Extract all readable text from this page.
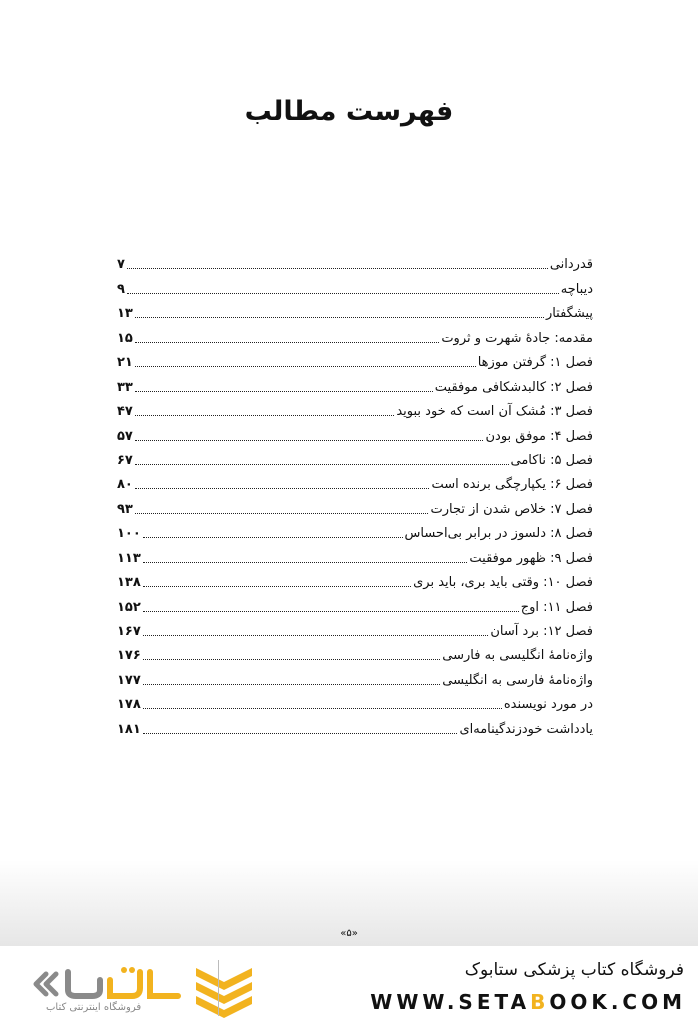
فهرست مطالب
قدردانی
۷
دیباچه
۹
پیشگفتار
۱۳
مقدمه: جادهٔ شهرت و ثروت
۱۵
فصل ۱: گرفتن موزها
۲۱
فصل ۲: کالبدشکافی موفقیت
۳۳
فصل ۳: مُشک آن است که خود ببوید
۴۷
فصل ۴: موفق بودن
۵۷
فصل ۵: ناکامی
۶۷
فصل ۶: یکپارچگی برنده است
۸۰
فصل ۷: خلاص شدن از تجارت
۹۳
فصل ۸: دلسوز در برابر بی‌احساس
۱۰۰
فصل ۹: ظهور موفقیت
۱۱۳
فصل ۱۰: وقتی باید بری، باید بری
۱۳۸
فصل ۱۱: اوج
۱۵۲
فصل ۱۲: برد آسان
۱۶۷
واژه‌نامهٔ انگلیسی به فارسی
۱۷۶
واژه‌نامهٔ فارسی به انگلیسی
۱۷۷
در مورد نویسنده
۱۷۸
یادداشت خودزندگینامه‌ای
۱۸۱
«۵»
فروشگاه اینترنتی کتاب
فروشگاه کتاب پزشکی ستابوک
WWW.SETABOOK.COM
